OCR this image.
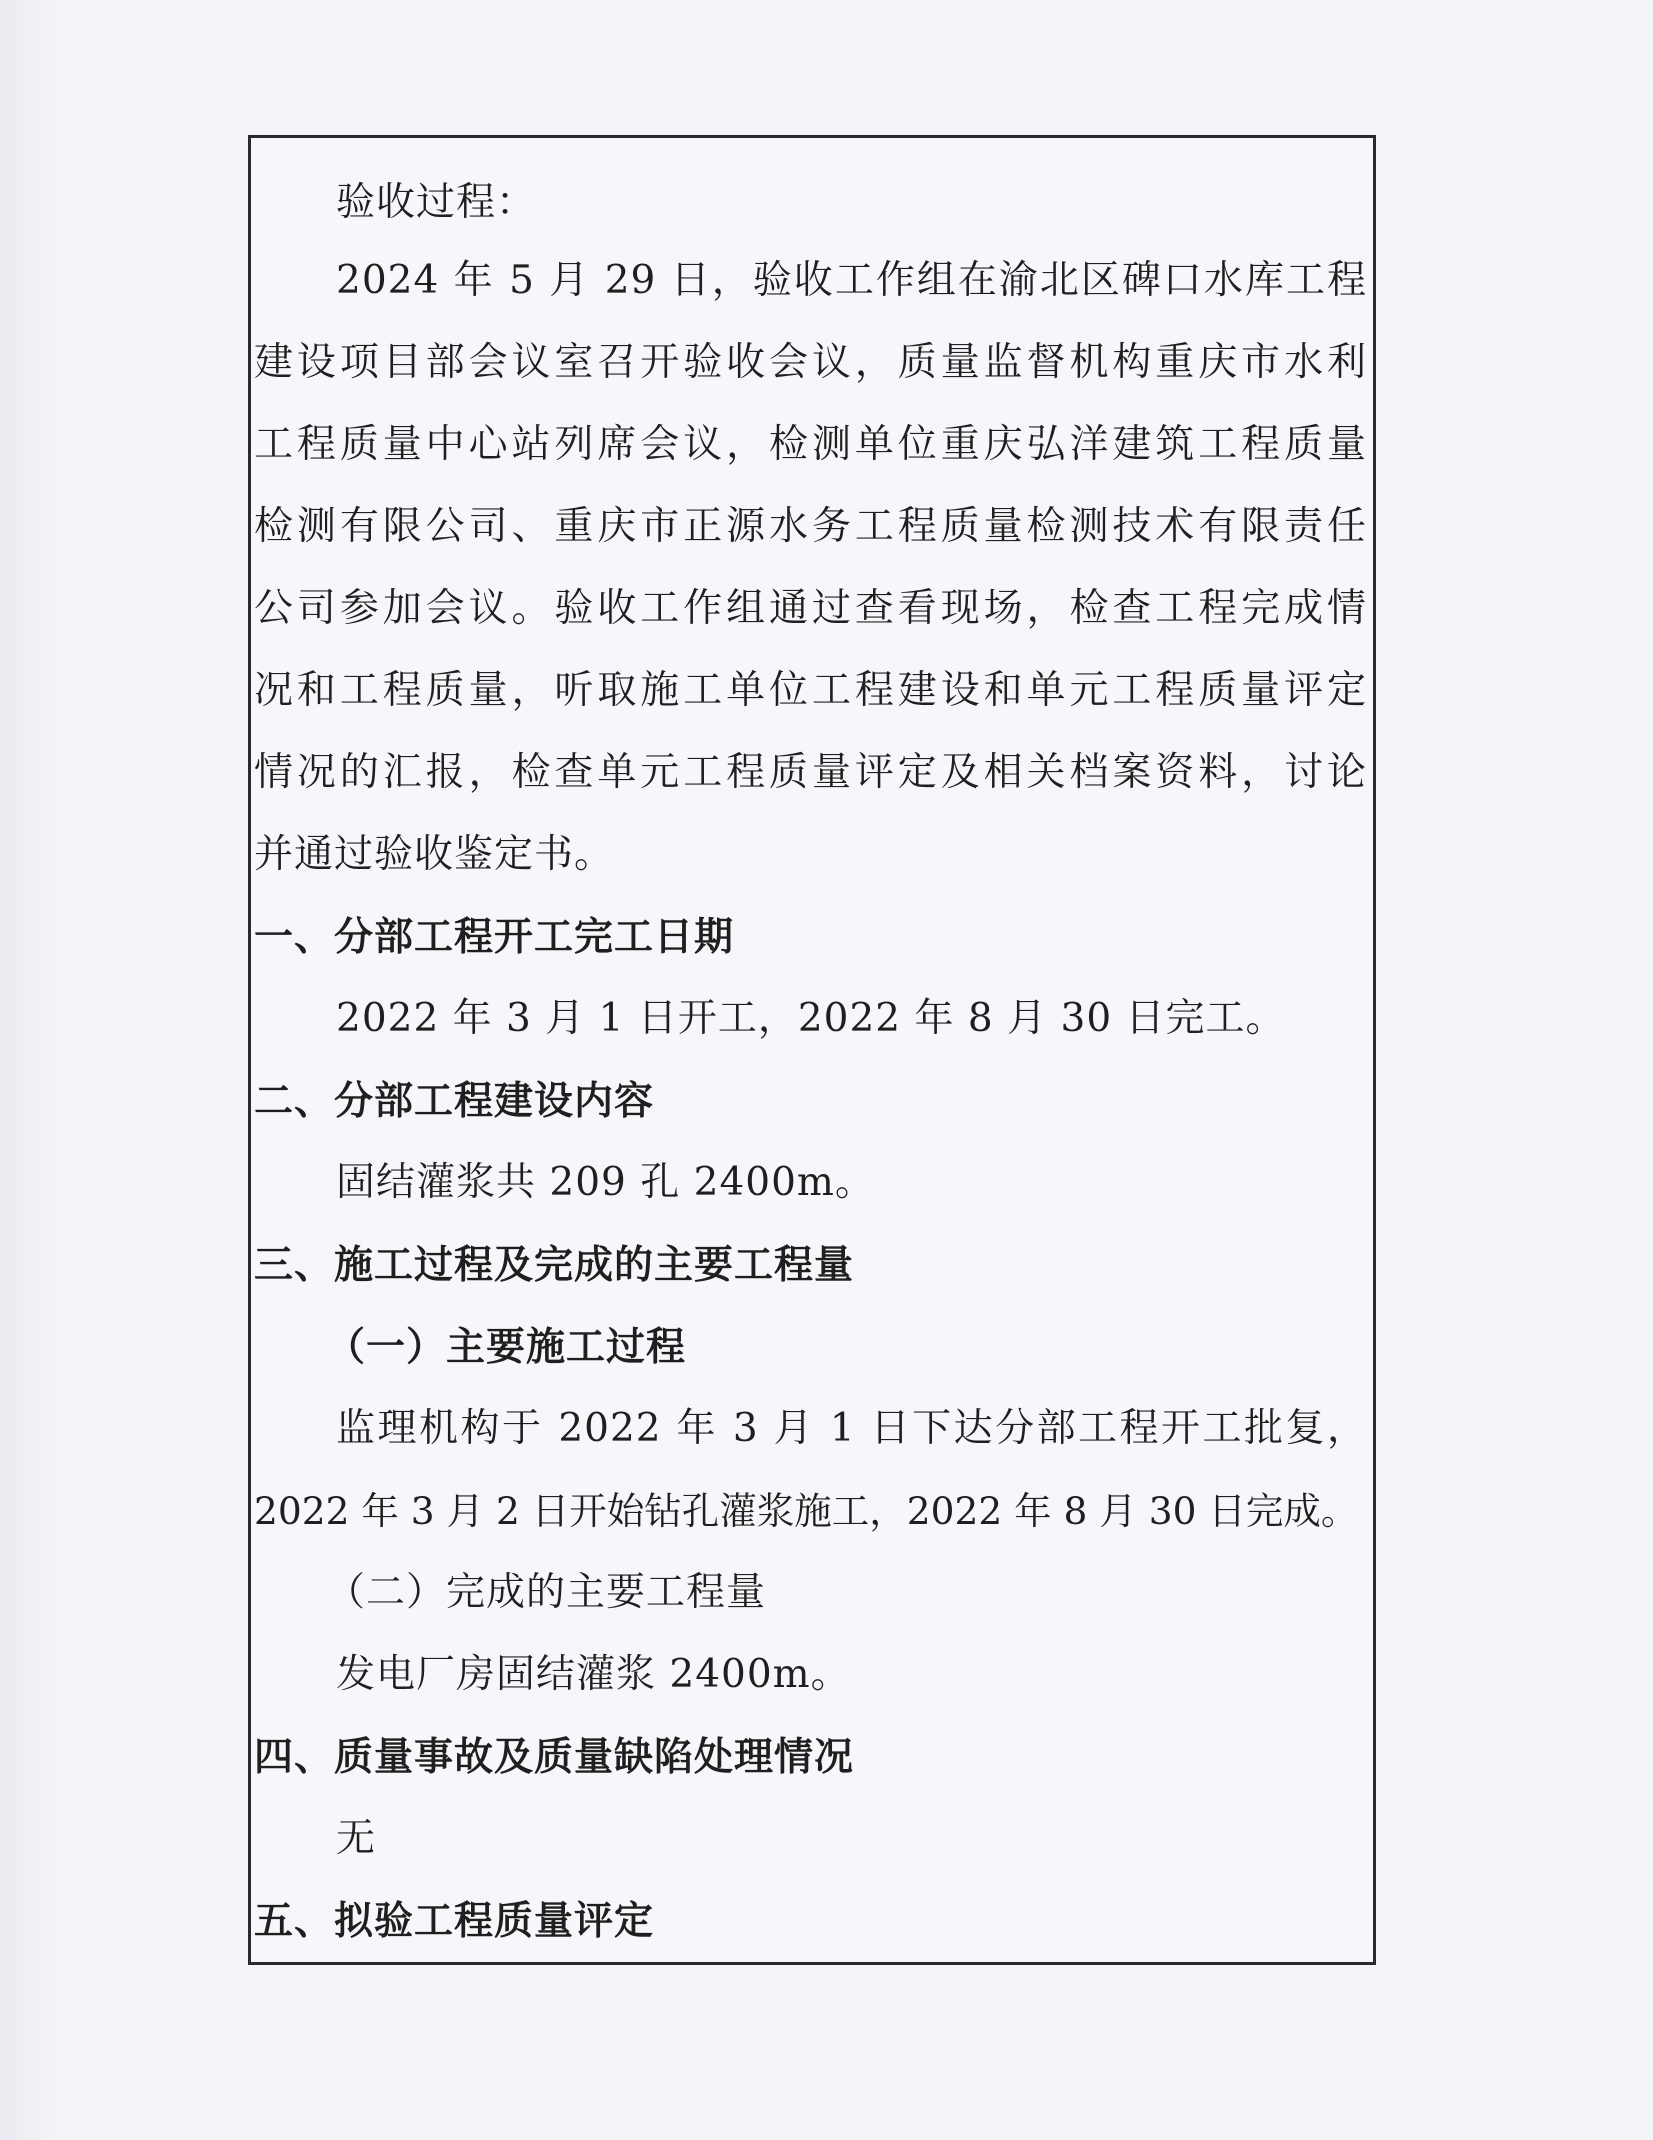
验收过程：
2024 年 5 月 29 日，验收工作组在渝北区碑口水库工程
建设项目部会议室召开验收会议，质量监督机构重庆市水利
工程质量中心站列席会议，检测单位重庆弘洋建筑工程质量
检测有限公司、重庆市正源水务工程质量检测技术有限责任
公司参加会议。验收工作组通过查看现场，检查工程完成情
况和工程质量，听取施工单位工程建设和单元工程质量评定
情况的汇报，检查单元工程质量评定及相关档案资料，讨论
并通过验收鉴定书。
一、分部工程开工完工日期
2022 年 3 月 1 日开工，2022 年 8 月 30 日完工。
二、分部工程建设内容
固结灌浆共 209 孔 2400m。
三、施工过程及完成的主要工程量
（一）主要施工过程
监理机构于 2022 年 3 月 1 日下达分部工程开工批复，
2022 年 3 月 2 日开始钻孔灌浆施工，2022 年 8 月 30 日完成。
（二）完成的主要工程量
发电厂房固结灌浆 2400m。
四、质量事故及质量缺陷处理情况
无
五、拟验工程质量评定
